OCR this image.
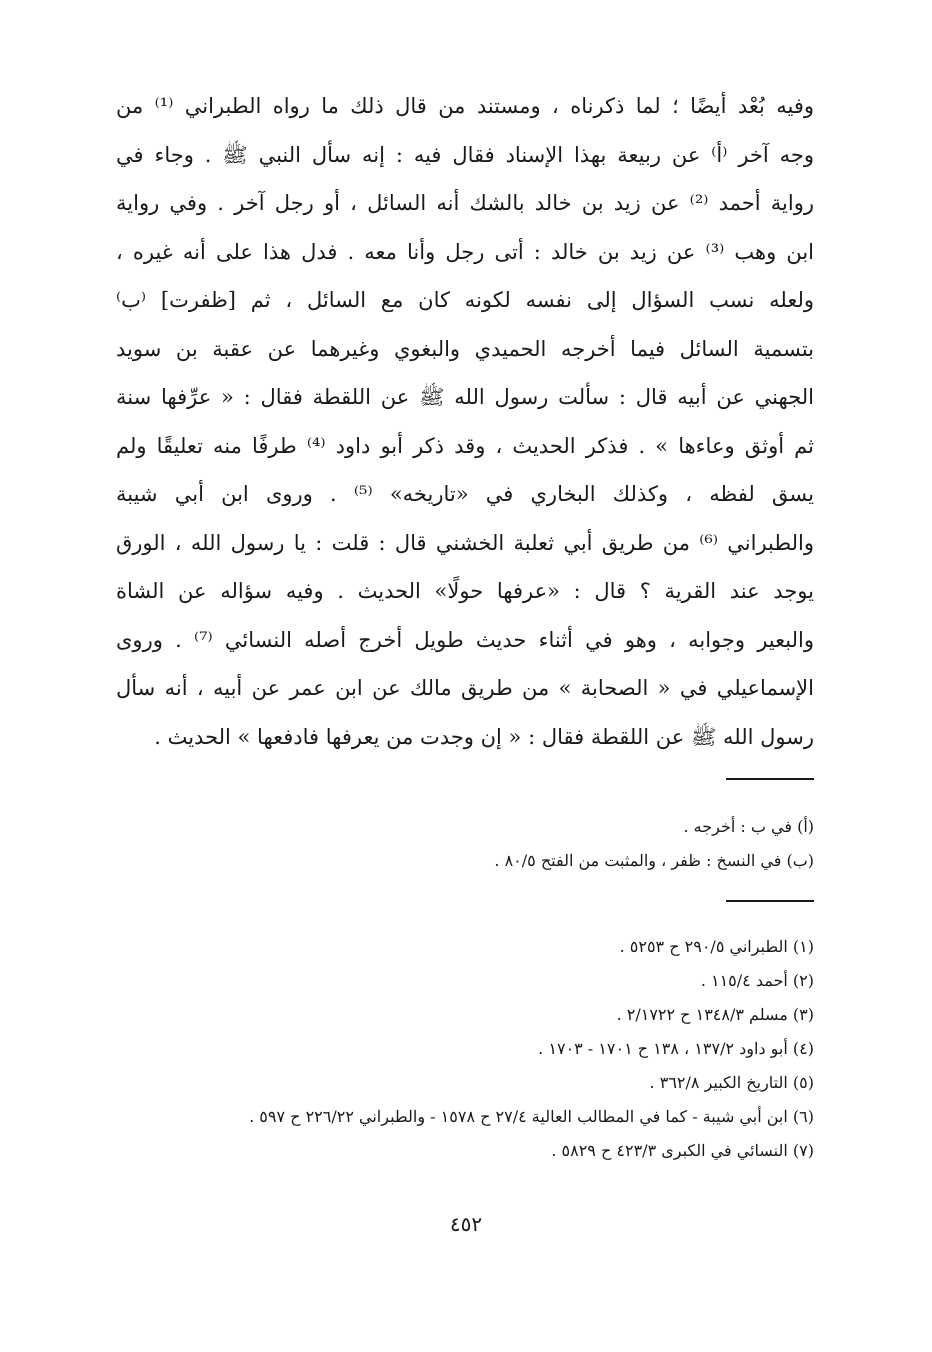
وفيه بُعْد أيضًا ؛ لما ذكرناه ، ومستند من قال ذلك ما رواه الطبراني ⁽¹⁾ من
وجه آخر ⁽أ⁾ عن ربيعة بهذا الإسناد فقال فيه : إنه سأل النبي ﷺ . وجاء في
رواية أحمد ⁽²⁾ عن زيد بن خالد بالشك أنه السائل ، أو رجل آخر . وفي رواية
ابن وهب ⁽³⁾ عن زيد بن خالد : أتى رجل وأنا معه . فدل هذا على أنه غيره ،
ولعله نسب السؤال إلى نفسه لكونه كان مع السائل ، ثم [ظفرت] ⁽ب⁾
بتسمية السائل فيما أخرجه الحميدي والبغوي وغيرهما عن عقبة بن سويد
الجهني عن أبيه قال : سألت رسول الله ﷺ عن اللقطة فقال : « عرِّفها سنة
ثم أوثق وعاءها » . فذكر الحديث ، وقد ذكر أبو داود ⁽⁴⁾ طرفًا منه تعليقًا ولم
يسق لفظه ، وكذلك البخاري في «تاريخه» ⁽⁵⁾ . وروى ابن أبي شيبة
والطبراني ⁽⁶⁾ من طريق أبي ثعلبة الخشني قال : قلت : يا رسول الله ، الورق
يوجد عند القرية ؟ قال : «عرفها حولًا» الحديث . وفيه سؤاله عن الشاة
والبعير وجوابه ، وهو في أثناء حديث طويل أخرج أصله النسائي ⁽⁷⁾ . وروى
الإسماعيلي في « الصحابة » من طريق مالك عن ابن عمر عن أبيه ، أنه سأل
رسول الله ﷺ عن اللقطة فقال : « إن وجدت من يعرفها فادفعها » الحديث .
(أ) في ب : أخرجه .
(ب) في النسخ : ظفر ، والمثبت من الفتح ٨٠/٥ .
(١) الطبراني ٢٩٠/٥ ح ٥٢٥٣ .
(٢) أحمد ١١٥/٤ .
(٣) مسلم ١٣٤٨/٣ ح ٢/١٧٢٢ .
(٤) أبو داود ١٣٧/٢ ، ١٣٨ ح ١٧٠١ - ١٧٠٣ .
(٥) التاريخ الكبير ٣٦٢/٨ .
(٦) ابن أبي شيبة - كما في المطالب العالية ٢٧/٤ ح ١٥٧٨ - والطبراني ٢٢٦/٢٢ ح ٥٩٧ .
(٧) النسائي في الكبرى ٤٢٣/٣ ح ٥٨٢٩ .
٤٥٢
